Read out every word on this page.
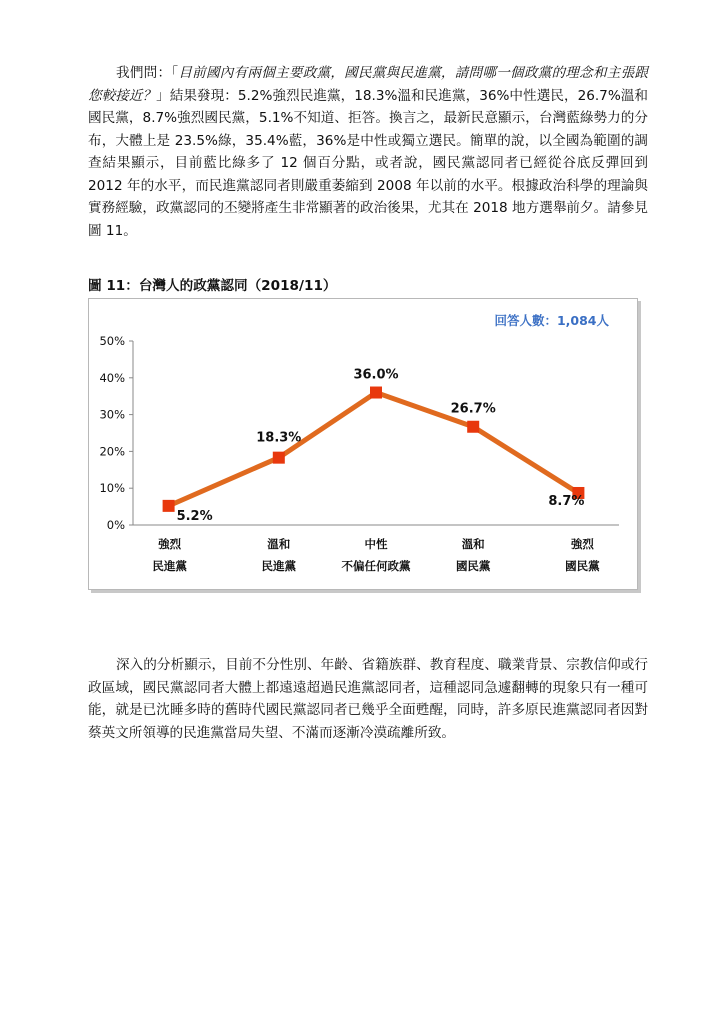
我們問：「目前國內有兩個主要政黨，國民黨與民進黨，請問哪一個政黨的理念和主張跟您較接近？」結果發現：5.2%強烈民進黨，18.3%溫和民進黨，36%中性選民，26.7%溫和國民黨，8.7%強烈國民黨，5.1%不知道、拒答。換言之，最新民意顯示，台灣藍綠勢力的分布，大體上是 23.5%綠，35.4%藍，36%是中性或獨立選民。簡單的說，以全國為範圍的調查結果顯示，目前藍比綠多了 12 個百分點，或者說，國民黨認同者已經從谷底反彈回到 2012 年的水平，而民進黨認同者則嚴重萎縮到 2008 年以前的水平。根據政治科學的理論與實務經驗，政黨認同的丕變將產生非常顯著的政治後果，尤其在 2018 地方選舉前夕。請參見圖 11。

圖 11：台灣人的政黨認同（2018/11）

回答人數：1,084人
0%
10%
20%
30%
40%
50%
強烈
民進黨
溫和
民進黨
中性
不偏任何政黨
溫和
國民黨
強烈
國民黨
5.2%
18.3%
36.0%
26.7%
8.7%

深入的分析顯示，目前不分性別、年齡、省籍族群、教育程度、職業背景、宗教信仰或行政區域，國民黨認同者大體上都遠遠超過民進黨認同者，這種認同急遽翻轉的現象只有一種可能，就是已沈睡多時的舊時代國民黨認同者已幾乎全面甦醒，同時，許多原民進黨認同者因對蔡英文所領導的民進黨當局失望、不滿而逐漸冷漠疏離所致。
